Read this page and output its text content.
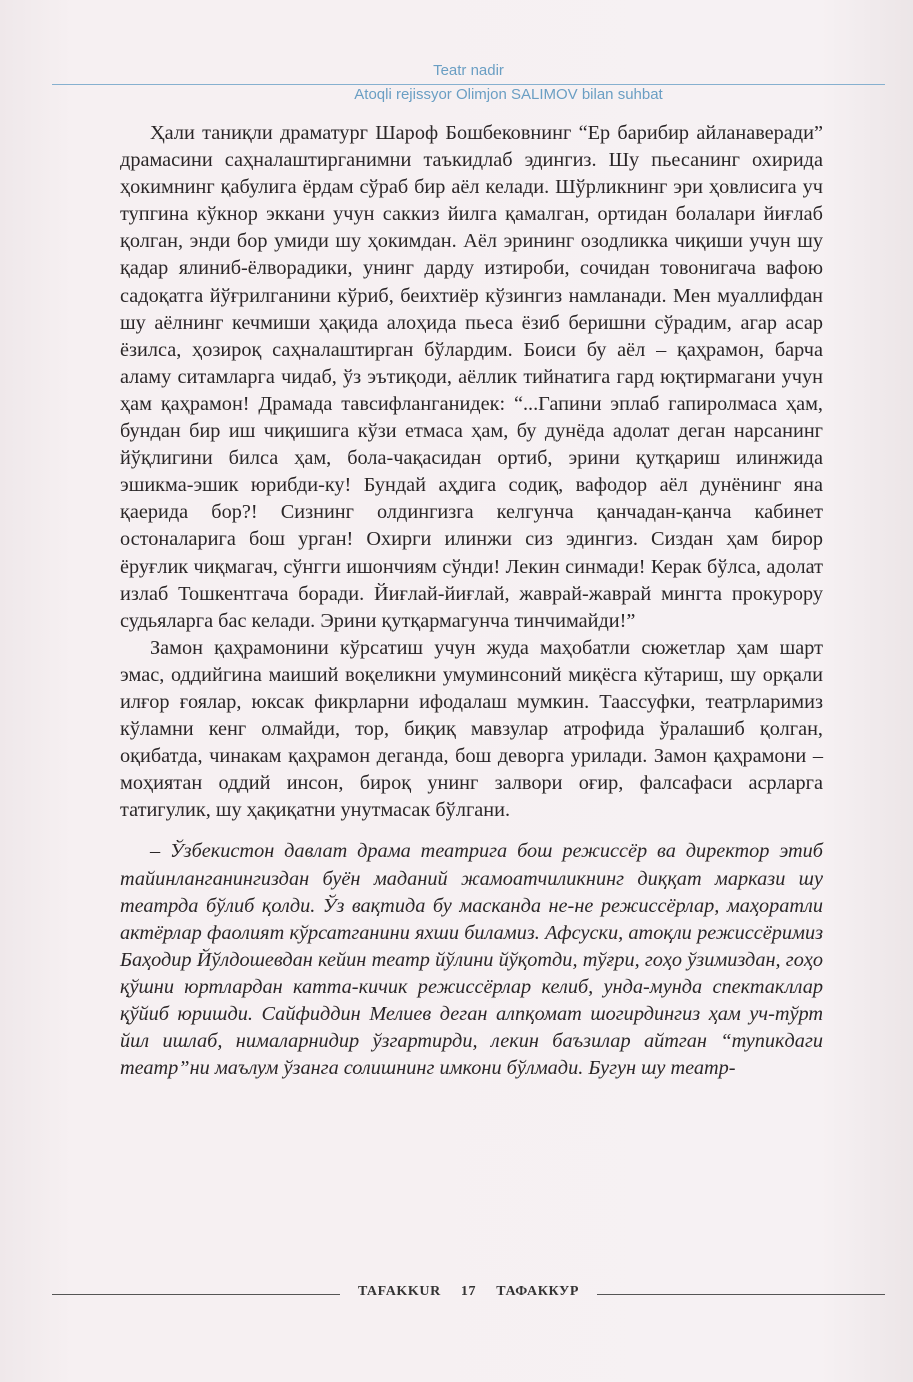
Teatr nadir
Atoqli rejissyor Olimjon SALIMOV bilan suhbat

Ҳали таниқли драматург Шароф Бошбековнинг “Ер барибир айланаверади” драмасини саҳналаштирганимни таъкидлаб эдингиз. Шу пьесанинг охирида ҳокимнинг қабулига ёрдам сўраб бир аёл келади. Шўрликнинг эри ҳовлисига уч тупгина кўкнор эккани учун саккиз йилга қамалган, ортидан болалари йиғлаб қолган, энди бор умиди шу ҳокимдан. Аёл эрининг озодликка чиқиши учун шу қадар ялиниб-ёлворадики, унинг дарду изтироби, сочидан товонигача вафою садоқатга йўғрилганини кўриб, беихтиёр кўзингиз намланади. Мен муаллифдан шу аёлнинг кечмиши ҳақида алоҳида пьеса ёзиб беришни сўрадим, агар асар ёзилса, ҳозироқ саҳналаштирган бўлардим. Боиси бу аёл – қаҳрамон, барча аламу ситамларга чидаб, ўз эътиқоди, аёллик тийнатига гард юқтирмагани учун ҳам қаҳрамон! Драмада тавсифланганидек: “...Гапини эплаб гапиролмаса ҳам, бундан бир иш чиқишига кўзи етмаса ҳам, бу дунёда адолат деган нарсанинг йўқлигини билса ҳам, бола-чақасидан ортиб, эрини қутқариш илинжида эшикма-эшик юрибди-ку! Бундай аҳдига содиқ, вафодор аёл дунёнинг яна қаерида бор?! Сизнинг олдингизга келгунча қанчадан-қанча кабинет остоналарига бош урган! Охирги илинжи сиз эдингиз. Сиздан ҳам бирор ёруғлик чиқмагач, сўнгги ишончиям сўнди! Лекин синмади! Керак бўлса, адолат излаб Тошкентгача боради. Йиғлай-йиғлай, жаврай-жаврай мингта прокурору судьяларга бас келади. Эрини қутқармагунча тинчимайди!”

Замон қаҳрамонини кўрсатиш учун жуда маҳобатли сюжетлар ҳам шарт эмас, оддийгина маиший воқеликни умуминсоний миқёсга кўтариш, шу орқали илғор ғоялар, юксак фикрларни ифодалаш мумкин. Таассуфки, театрларимиз кўламни кенг олмайди, тор, биқиқ мавзулар атрофида ўралашиб қолган, оқибатда, чинакам қаҳрамон деганда, бош деворга урилади. Замон қаҳрамони – моҳиятан оддий инсон, бироқ унинг залвори оғир, фалсафаси асрларга татигулик, шу ҳақиқатни унутмасак бўлгани.

– Ўзбекистон давлат драма театрига бош режиссёр ва директор этиб тайинланганингиздан буён маданий жамоатчиликнинг диққат маркази шу театрда бўлиб қолди. Ўз вақтида бу масканда не-не режиссёрлар, маҳоратли актёрлар фаолият кўрсатганини яхши биламиз. Афсуски, атоқли режиссёримиз Баҳодир Йўлдошевдан кейин театр йўлини йўқотди, тўғри, гоҳо ўзимиздан, гоҳо қўшни юртлардан катта-кичик режиссёрлар келиб, унда-мунда спектакллар қўйиб юришди. Сайфиддин Мелиев деган алпқомат шогирдингиз ҳам уч-тўрт йил ишлаб, нималарнидир ўзгартирди, лекин баъзилар айтган “тупикдаги театр”ни маълум ўзанга солишнинг имкони бўлмади. Бугун шу театр-

TAFAKKUR 17 ТАФАККУР
